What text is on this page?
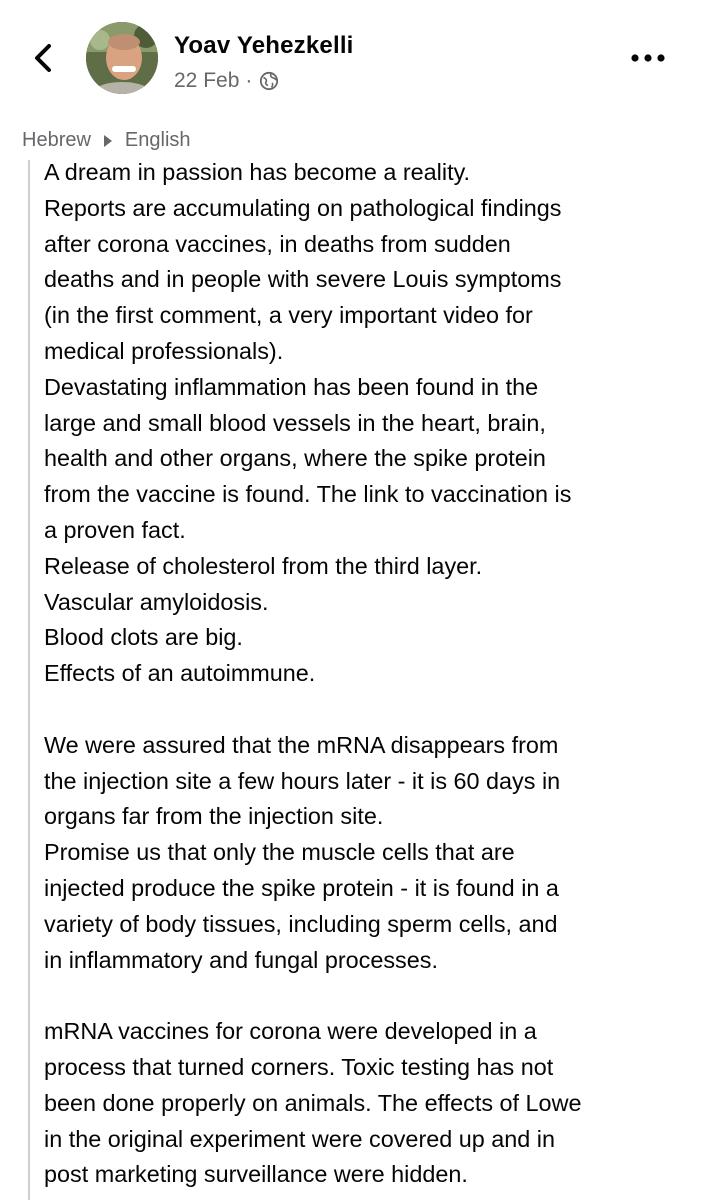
Yoav Yehezkelli
22 Feb ·
Hebrew English

A dream in passion has become a reality.

Reports are accumulating on pathological findings

after corona vaccines, in deaths from sudden

deaths and in people with severe Louis symptoms

(in the first comment, a very important video for

medical professionals).

Devastating inflammation has been found in the

large and small blood vessels in the heart, brain,

health and other organs, where the spike protein

from the vaccine is found. The link to vaccination is

a proven fact.

Release of cholesterol from the third layer.

Vascular amyloidosis.

Blood clots are big.

Effects of an autoimmune.

We were assured that the mRNA disappears from

the injection site a few hours later - it is 60 days in

organs far from the injection site.

Promise us that only the muscle cells that are

injected produce the spike protein - it is found in a

variety of body tissues, including sperm cells, and

in inflammatory and fungal processes.

mRNA vaccines for corona were developed in a

process that turned corners. Toxic testing has not

been done properly on animals. The effects of Lowe

in the original experiment were covered up and in

post marketing surveillance were hidden.
